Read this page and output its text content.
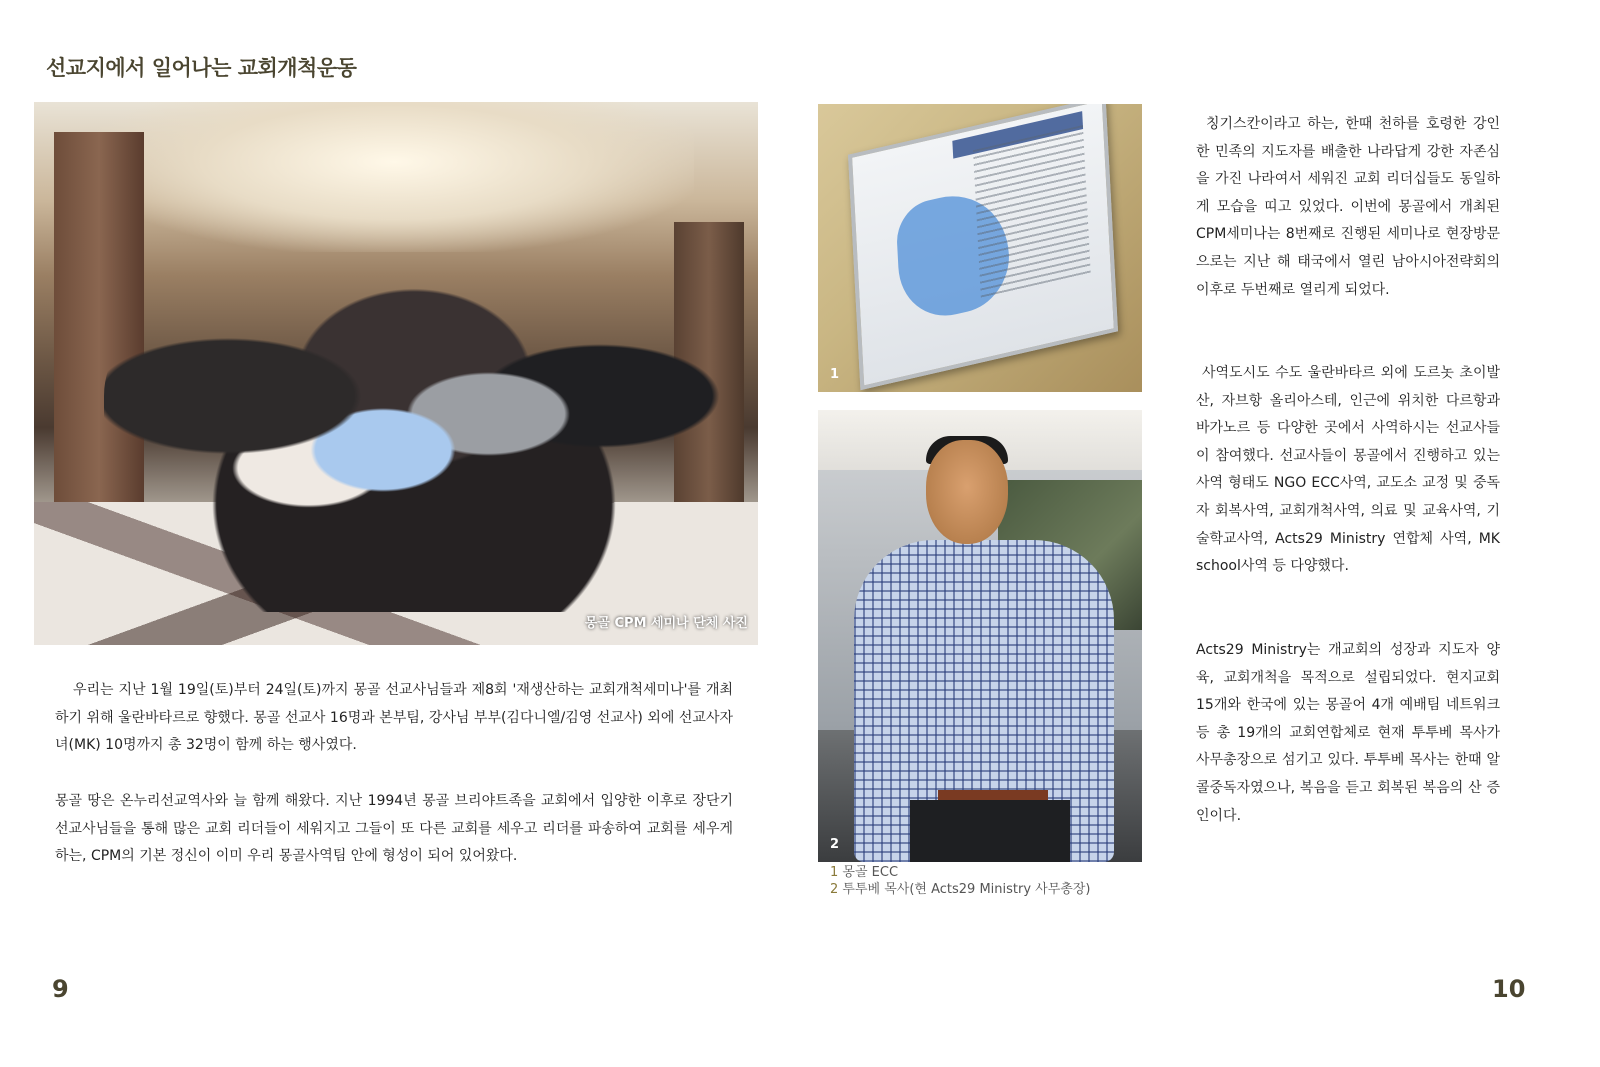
선교지에서 일어나는 교회개척운동
몽골 CPM 세미나 단체 사진
1
2

우리는 지난 1월 19일(토)부터 24일(토)까지 몽골 선교사님들과 제8회 '재생산하는 교회개척세미나'를 개최하기 위해 울란바타르로 향했다. 몽골 선교사 16명과 본부팀, 강사님 부부(김다니엘/김영 선교사) 외에 선교사자녀(MK) 10명까지 총 32명이 함께 하는 행사였다.

몽골 땅은 온누리선교역사와 늘 함께 해왔다. 지난 1994년 몽골 브리야트족을 교회에서 입양한 이후로 장단기 선교사님들을 통해 많은 교회 리더들이 세워지고 그들이 또 다른 교회를 세우고 리더를 파송하여 교회를 세우게 하는, CPM의 기본 정신이 이미 우리 몽골사역팀 안에 형성이 되어 있어왔다.

칭기스칸이라고 하는, 한때 천하를 호령한 강인한 민족의 지도자를 배출한 나라답게 강한 자존심을 가진 나라여서 세워진 교회 리더십들도 동일하게 모습을 띠고 있었다. 이번에 몽골에서 개최된 CPM세미나는 8번째로 진행된 세미나로 현장방문으로는 지난 해 태국에서 열린 남아시아전략회의 이후로 두번째로 열리게 되었다.

사역도시도 수도 울란바타르 외에 도르놋 초이발산, 자브항 올리아스테, 인근에 위치한 다르항과 바가노르 등 다양한 곳에서 사역하시는 선교사들이 참여했다. 선교사들이 몽골에서 진행하고 있는 사역 형태도 NGO ECC사역, 교도소 교정 및 중독자 회복사역, 교회개척사역, 의료 및 교육사역, 기술학교사역, Acts29 Ministry 연합체 사역, MK school사역 등 다양했다.

Acts29 Ministry는 개교회의 성장과 지도자 양육, 교회개척을 목적으로 설립되었다. 현지교회 15개와 한국에 있는 몽골어 4개 예배팀 네트워크 등 총 19개의 교회연합체로 현재 투투베 목사가 사무총장으로 섬기고 있다. 투투베 목사는 한때 알콜중독자였으나, 복음을 듣고 회복된 복음의 산 증인이다.

1 몽골 ECC
2 투투베 목사(현 Acts29 Ministry 사무총장)
9	10
